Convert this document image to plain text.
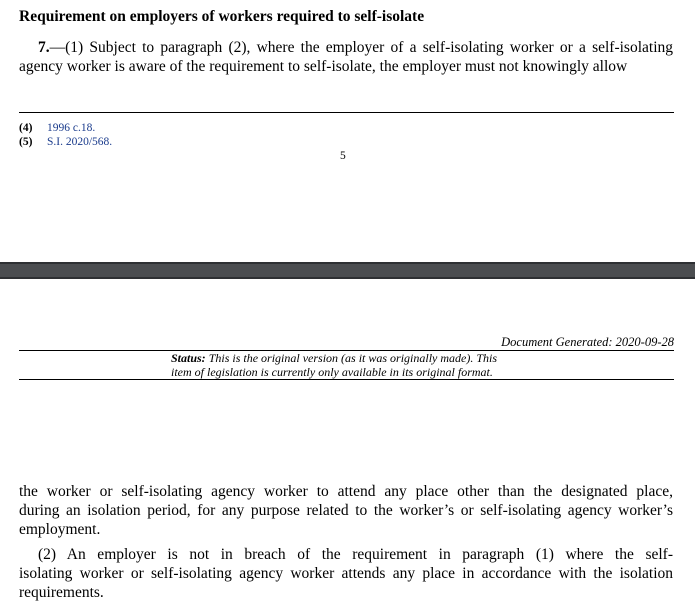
Requirement on employers of workers required to self-isolate
7.—(1) Subject to paragraph (2), where the employer of a self-isolating worker or a self-isolating
agency worker is aware of the requirement to self-isolate, the employer must not knowingly allow
(4) 1996 c.18.
(5) S.I. 2020/568.
5
Document Generated: 2020-09-28
Status: This is the original version (as it was originally made). This
item of legislation is currently only available in its original format.
the worker or self-isolating agency worker to attend any place other than the designated place,
during an isolation period, for any purpose related to the worker’s or self-isolating agency worker’s
employment.
(2) An employer is not in breach of the requirement in paragraph (1) where the self-
isolating worker or self-isolating agency worker attends any place in accordance with the isolation
requirements.
